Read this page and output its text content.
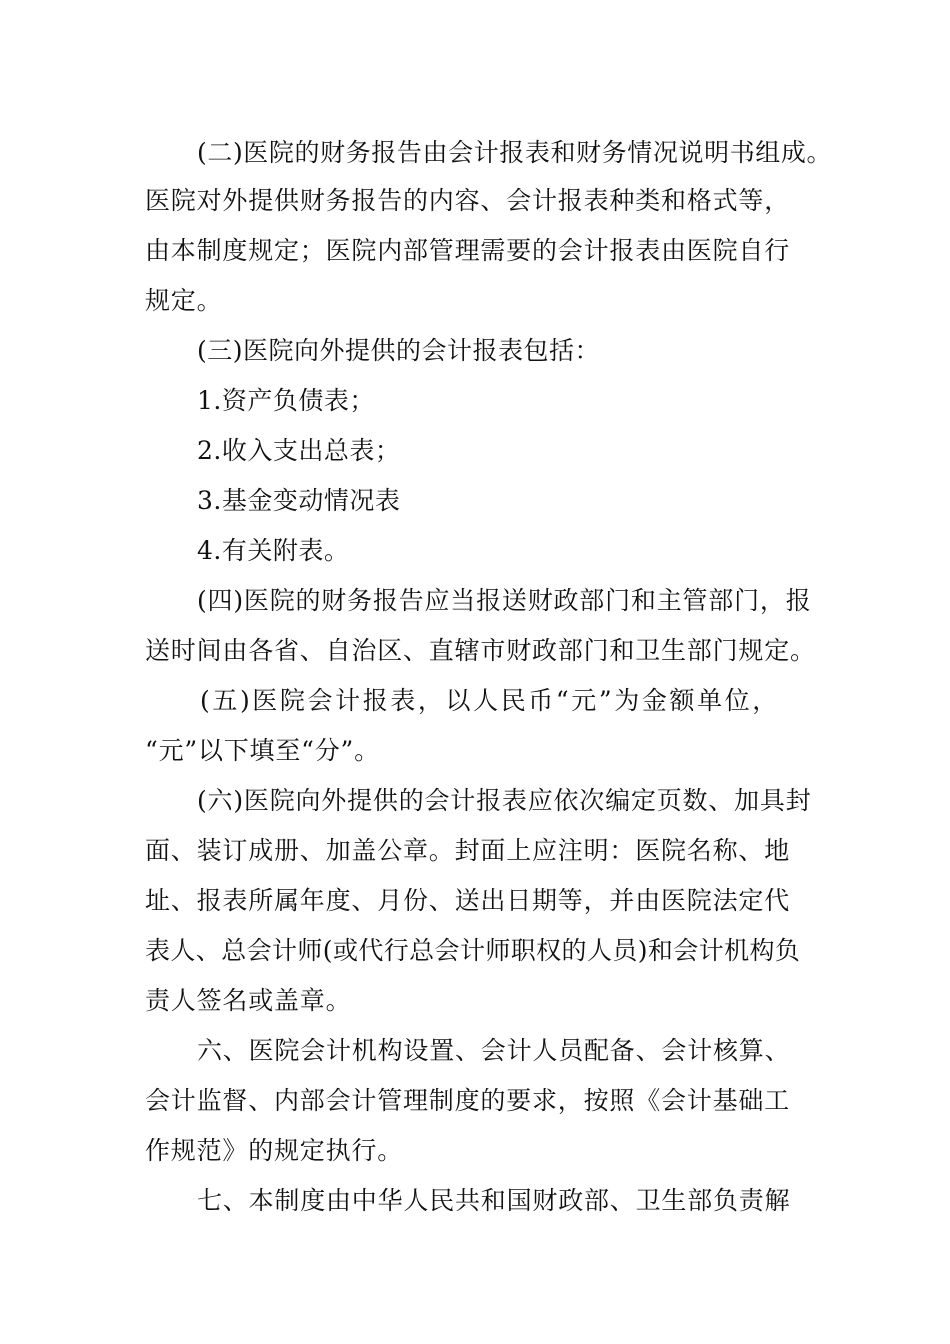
(二)医院的财务报告由会计报表和财务情况说明书组成。
医院对外提供财务报告的内容、会计报表种类和格式等，
由本制度规定；医院内部管理需要的会计报表由医院自行
规定。
(三)医院向外提供的会计报表包括：
1.资产负债表；
2.收入支出总表；
3.基金变动情况表
4.有关附表。
(四)医院的财务报告应当报送财政部门和主管部门，报
送时间由各省、自治区、直辖市财政部门和卫生部门规定。
(五)医院会计报表，以人民币“元”为金额单位，
“元”以下填至“分”。
(六)医院向外提供的会计报表应依次编定页数、加具封
面、装订成册、加盖公章。封面上应注明：医院名称、地
址、报表所属年度、月份、送出日期等，并由医院法定代
表人、总会计师(或代行总会计师职权的人员)和会计机构负
责人签名或盖章。
六、医院会计机构设置、会计人员配备、会计核算、
会计监督、内部会计管理制度的要求，按照《会计基础工
作规范》的规定执行。
七、本制度由中华人民共和国财政部、卫生部负责解
